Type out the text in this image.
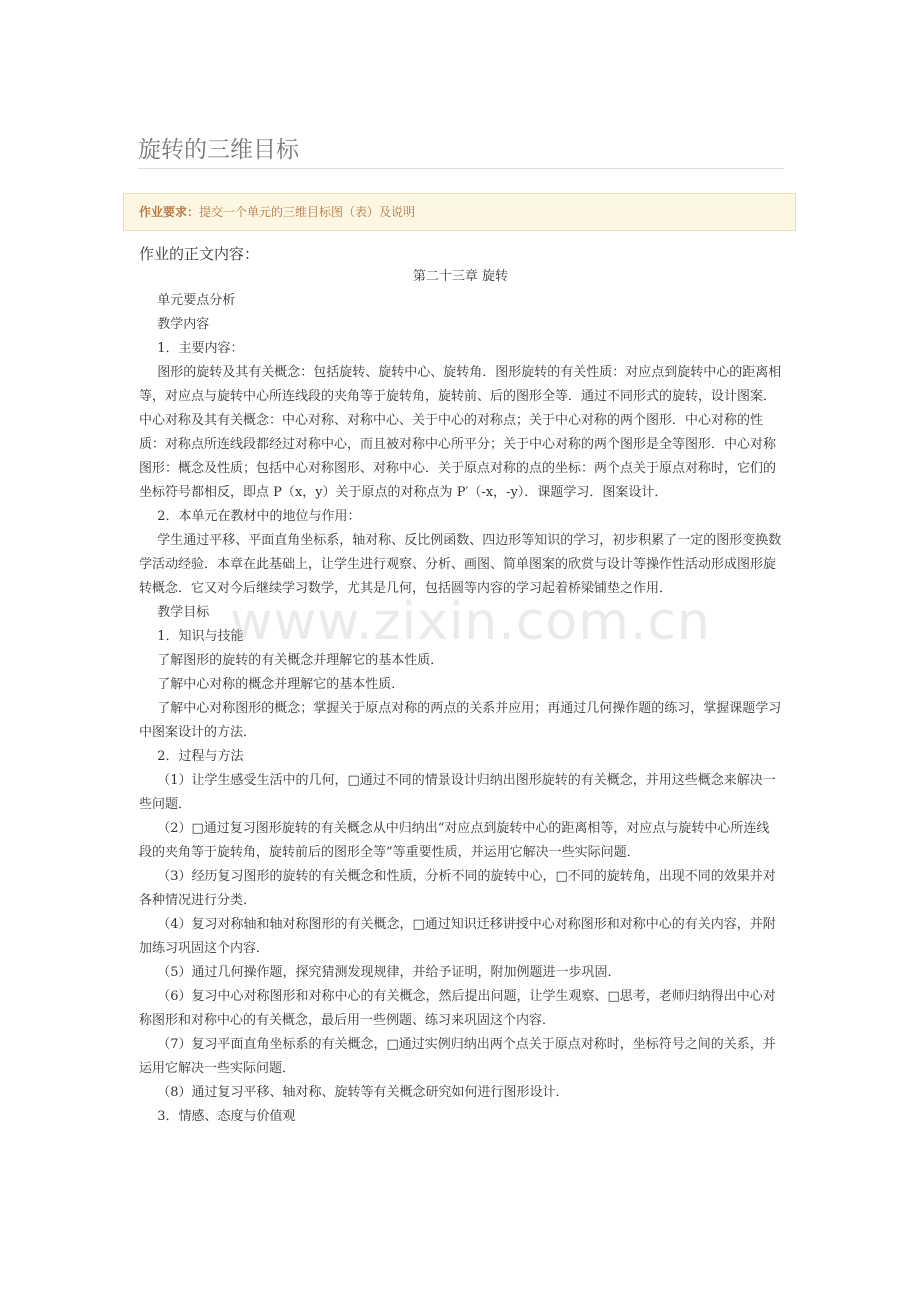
旋转的三维目标
作业要求：提交一个单元的三维目标图（表）及说明
作业的正文内容：

第二十三章 旋转

单元要点分析

教学内容

1．主要内容：

图形的旋转及其有关概念：包括旋转、旋转中心、旋转角．图形旋转的有关性质：对应点到旋转中心的距离相等，对应点与旋转中心所连线段的夹角等于旋转角，旋转前、后的图形全等．通过不同形式的旋转，设计图案．中心对称及其有关概念：中心对称、对称中心、关于中心的对称点；关于中心对称的两个图形．中心对称的性质：对称点所连线段都经过对称中心，而且被对称中心所平分；关于中心对称的两个图形是全等图形．中心对称图形：概念及性质；包括中心对称图形、对称中心．关于原点对称的点的坐标：两个点关于原点对称时，它们的坐标符号都相反，即点 P（x，y）关于原点的对称点为 P′（-x，-y）．课题学习．图案设计．

2．本单元在教材中的地位与作用：

学生通过平移、平面直角坐标系，轴对称、反比例函数、四边形等知识的学习，初步积累了一定的图形变换数学活动经验．本章在此基础上，让学生进行观察、分析、画图、简单图案的欣赏与设计等操作性活动形成图形旋转概念．它又对今后继续学习数学，尤其是几何，包括圆等内容的学习起着桥梁铺垫之作用．

教学目标

1．知识与技能

了解图形的旋转的有关概念并理解它的基本性质．

了解中心对称的概念并理解它的基本性质．

了解中心对称图形的概念；掌握关于原点对称的两点的关系并应用；再通过几何操作题的练习，掌握课题学习中图案设计的方法．

2．过程与方法

（1）让学生感受生活中的几何，□通过不同的情景设计归纳出图形旋转的有关概念，并用这些概念来解决一些问题．

（2）□通过复习图形旋转的有关概念从中归纳出“对应点到旋转中心的距离相等，对应点与旋转中心所连线段的夹角等于旋转角，旋转前后的图形全等”等重要性质，并运用它解决一些实际问题．

（3）经历复习图形的旋转的有关概念和性质，分析不同的旋转中心，□不同的旋转角，出现不同的效果并对各种情况进行分类．

（4）复习对称轴和轴对称图形的有关概念，□通过知识迁移讲授中心对称图形和对称中心的有关内容，并附加练习巩固这个内容．

（5）通过几何操作题，探究猜测发现规律，并给予证明，附加例题进一步巩固．

（6）复习中心对称图形和对称中心的有关概念，然后提出问题，让学生观察、□思考，老师归纳得出中心对称图形和对称中心的有关概念，最后用一些例题、练习来巩固这个内容．

（7）复习平面直角坐标系的有关概念，□通过实例归纳出两个点关于原点对称时，坐标符号之间的关系，并运用它解决一些实际问题．

（8）通过复习平移、轴对称、旋转等有关概念研究如何进行图形设计．

3．情感、态度与价值观

www.zixin.com.cn
